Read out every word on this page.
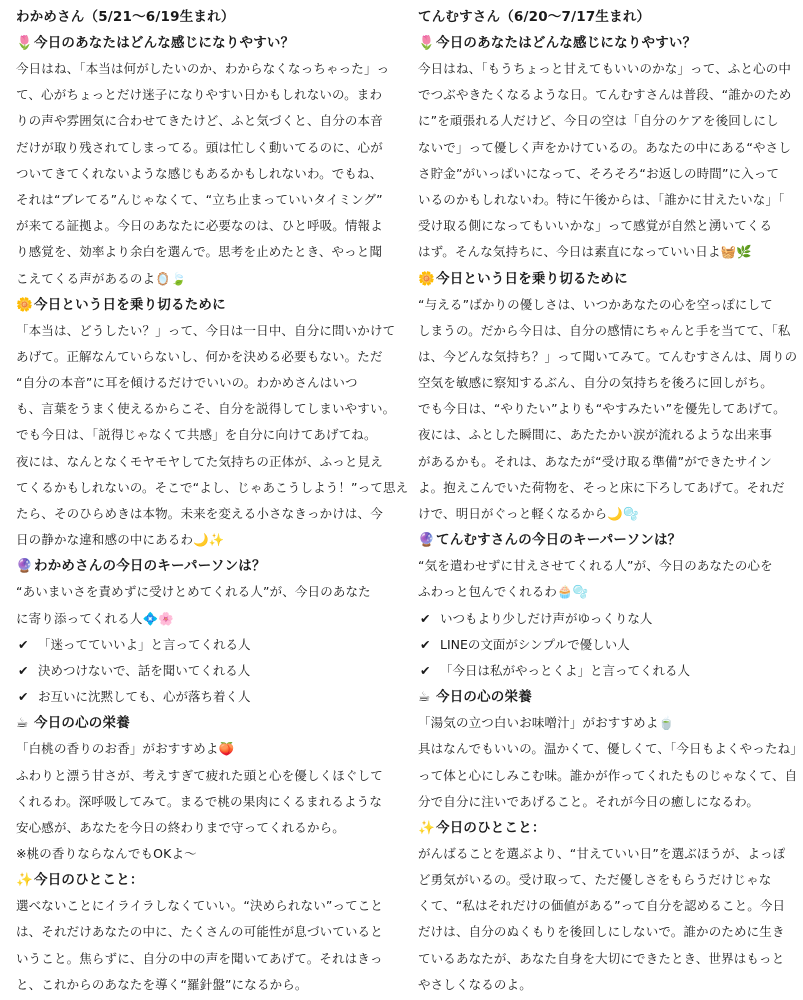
わかめさん（5/21〜6/19生まれ）
🌷今日のあなたはどんな感じになりやすい？
今日はね、「本当は何がしたいのか、わからなくなっちゃった」っ
て、心がちょっとだけ迷子になりやすい日かもしれないの。まわ
りの声や雰囲気に合わせてきたけど、ふと気づくと、自分の本音
だけが取り残されてしまってる。頭は忙しく動いてるのに、心が
ついてきてくれないような感じもあるかもしれないわ。でもね、
それは“ブレてる”んじゃなくて、“立ち止まっていいタイミング”
が来てる証拠よ。今日のあなたに必要なのは、ひと呼吸。情報よ
り感覚を、効率より余白を選んで。思考を止めたとき、やっと聞
こえてくる声があるのよ🪞🍃
🌼今日という日を乗り切るために
「本当は、どうしたい？」って、今日は一日中、自分に問いかけて
あげて。正解なんていらないし、何かを決める必要もない。ただ
“自分の本音”に耳を傾けるだけでいいの。わかめさんはいつ
も、言葉をうまく使えるからこそ、自分を説得してしまいやすい。
でも今日は、「説得じゃなくて共感」を自分に向けてあげてね。
夜には、なんとなくモヤモヤしてた気持ちの正体が、ふっと見え
てくるかもしれないの。そこで“よし、じゃあこうしよう！”って思え
たら、そのひらめきは本物。未来を変える小さなきっかけは、今
日の静かな違和感の中にあるわ🌙✨
🔮わかめさんの今日のキーパーソンは？
“あいまいさを責めずに受けとめてくれる人”が、今日のあなた
に寄り添ってくれる人💠🌸
✔ 「迷ってていいよ」と言ってくれる人
✔ 決めつけないで、話を聞いてくれる人
✔ お互いに沈黙しても、心が落ち着く人
☕ 今日の心の栄養
「白桃の香りのお香」がおすすめよ🍑
ふわりと漂う甘さが、考えすぎて疲れた頭と心を優しくほぐして
くれるわ。深呼吸してみて。まるで桃の果肉にくるまれるような
安心感が、あなたを今日の終わりまで守ってくれるから。
※桃の香りならなんでもOKよ〜
✨今日のひとこと：
選べないことにイライラしなくていい。“決められない”ってこと
は、それだけあなたの中に、たくさんの可能性が息づいていると
いうこと。焦らずに、自分の中の声を聞いてあげて。それはきっ
と、これからのあなたを導く“羅針盤”になるから。
てんむすさん（6/20〜7/17生まれ）
🌷今日のあなたはどんな感じになりやすい？
今日はね、「もうちょっと甘えてもいいのかな」って、ふと心の中
でつぶやきたくなるような日。てんむすさんは普段、“誰かのため
に”を頑張れる人だけど、今日の空は「自分のケアを後回しにし
ないで」って優しく声をかけているの。あなたの中にある“やさし
さ貯金”がいっぱいになって、そろそろ“お返しの時間”に入って
いるのかもしれないわ。特に午後からは、「誰かに甘えたいな」「
受け取る側になってもいいかな」って感覚が自然と湧いてくる
はず。そんな気持ちに、今日は素直になっていい日よ🧺🌿
🌼今日という日を乗り切るために
“与える”ばかりの優しさは、いつかあなたの心を空っぽにして
しまうの。だから今日は、自分の感情にちゃんと手を当てて、「私
は、今どんな気持ち？」って聞いてみて。てんむすさんは、周りの
空気を敏感に察知するぶん、自分の気持ちを後ろに回しがち。
でも今日は、“やりたい”よりも“やすみたい”を優先してあげて。
夜には、ふとした瞬間に、あたたかい涙が流れるような出来事
があるかも。それは、あなたが“受け取る準備”ができたサイン
よ。抱えこんでいた荷物を、そっと床に下ろしてあげて。それだ
けで、明日がぐっと軽くなるから🌙🫧
🔮てんむすさんの今日のキーパーソンは？
“気を遣わせずに甘えさせてくれる人”が、今日のあなたの心を
ふわっと包んでくれるわ🧁🫧
✔ いつもより少しだけ声がゆっくりな人
✔ LINEの文面がシンプルで優しい人
✔ 「今日は私がやっとくよ」と言ってくれる人
☕ 今日の心の栄養
「湯気の立つ白いお味噌汁」がおすすめよ🍵
具はなんでもいいの。温かくて、優しくて、「今日もよくやったね」
って体と心にしみこむ味。誰かが作ってくれたものじゃなくて、自
分で自分に注いであげること。それが今日の癒しになるわ。
✨今日のひとこと：
がんばることを選ぶより、“甘えていい日”を選ぶほうが、よっぽ
ど勇気がいるの。受け取って、ただ優しさをもらうだけじゃな
くて、“私はそれだけの価値がある”って自分を認めること。今日
だけは、自分のぬくもりを後回しにしないで。誰かのために生き
ているあなたが、あなた自身を大切にできたとき、世界はもっと
やさしくなるのよ。
